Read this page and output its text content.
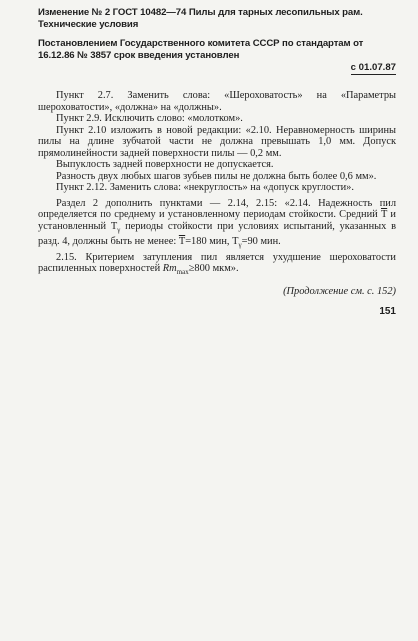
Изменение № 2 ГОСТ 10482—74 Пилы для тарных лесопильных рам. Технические условия

Постановлением Государственного комитета СССР по стандартам от 16.12.86 № 3857 срок введения установлен

с 01.07.87

Пункт 2.7. Заменить слова: «Шероховатость» на «Параметры шероховатости», «должна» на «должны».

Пункт 2.9. Исключить слово: «молотком».

Пункт 2.10 изложить в новой редакции: «2.10. Неравномерность ширины пилы на длине зубчатой части не должна превышать 1,0 мм. Допуск прямолинейности задней поверхности пилы — 0,2 мм.

Выпуклость задней поверхности не допускается.

Разность двух любых шагов зубьев пилы не должна быть более 0,6 мм».

Пункт 2.12. Заменить слова: «некруглость» на «допуск круглости».

Раздел 2 дополнить пунктами — 2.14, 2.15: «2.14. Надежность пил определяется по среднему и установленному периодам стойкости. Средний $\overline{T}$ и установленный $T_\gamma$ периоды стойкости при условиях испытаний, указанных в разд. 4, должны быть не менее: $\overline{T}=180$ мин, $T_\gamma=90$ мин.

2.15. Критерием затупления пил является ухудшение шероховатости распиленных поверхностей $Rm_{max}\ge 800$ мкм».

(Продолжение см. с. 152)
151
